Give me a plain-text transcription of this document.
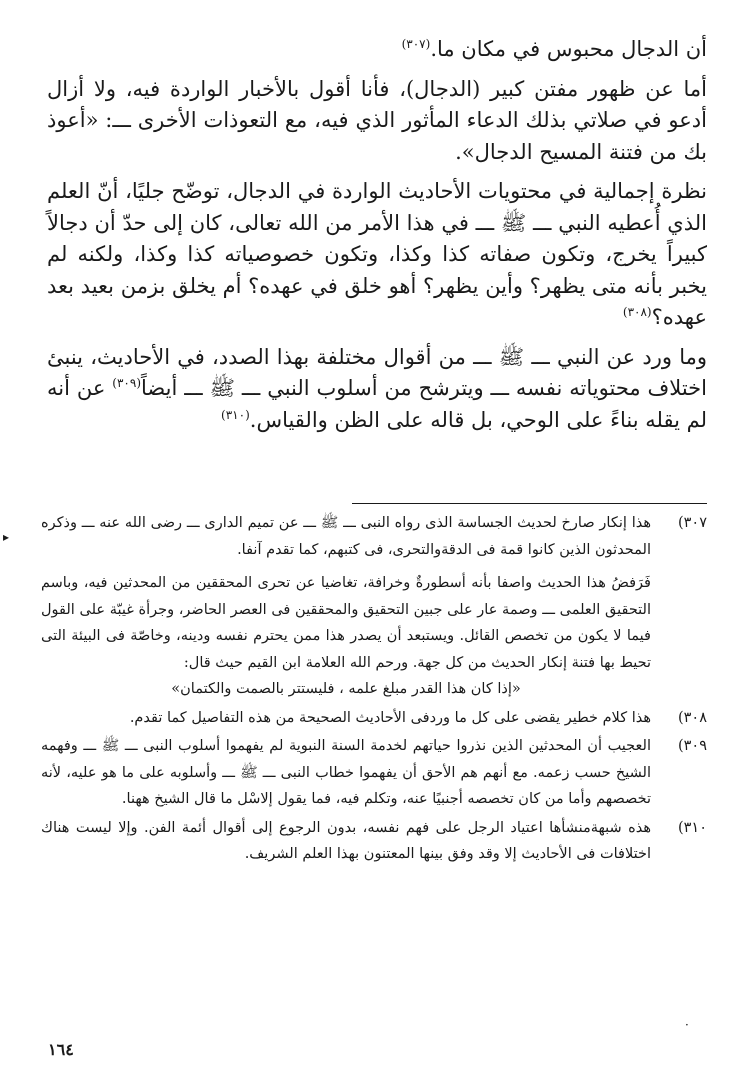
أن الدجال محبوس في مكان ما.$^{(٣٠٧)}$

أما عن ظهور مفتن كبير (الدجال)، فأنا أقول بالأخبار الواردة فيه، ولا أزال أدعو في صلاتي بذلك الدعاء المأثور الذي فيه، مع التعوذات الأخرى ـــ: «أعوذ بك من فتنة المسيح الدجال».

نظرة إجمالية في محتويات الأحاديث الواردة في الدجال، توضّح جليًا، أنّ العلم الذي أُعطيه النبي ـــ ﷺ ـــ في هذا الأمر من الله تعالى، كان إلى حدّ أن دجالاً كبيراً يخرج، وتكون صفاته كذا وكذا، وتكون خصوصياته كذا وكذا، ولكنه لم يخبر بأنه متى يظهر؟ وأين يظهر؟ أهو خلق في عهده؟ أم يخلق بزمن بعيد بعد عهده؟$^{(٣٠٨)}$

وما ورد عن النبي ـــ ﷺ ـــ من أقوال مختلفة بهذا الصدد، في الأحاديث، ينبئ اختلاف محتوياته نفسه ـــ ويترشح من أسلوب النبي ـــ ﷺ ـــ أيضاً$^{(٣٠٩)}$ عن أنه لم يقله بناءً على الوحي، بل قاله على الظن والقياس.$^{(٣١٠)}$

٣٠٧)

هذا إنكار صارخ لحديث الجساسة الذى رواه النبى ـــ ﷺ ـــ عن تميم الدارى ـــ رضى الله عنه ـــ وذكره المحدثون الذين كانوا قمة فى الدقةوالتحرى، فى كتبهم، كما تقدم آنفا.

فَرَفضُ هذا الحديث واصفا بأنه أسطورةٌ وخرافة، تغاضيا عن تحرى المحققين من المحدثين فيه، وباسم التحقيق العلمى ـــ وصمة عار على جبين التحقيق والمحققين فى العصر الحاضر، وجرأة غيبّة على القول فيما لا يكون من تخصص القائل. ويستبعد أن يصدر هذا ممن يحترم نفسه ودينه، وخاصّة فى البيئة التى تحيط بها فتنة إنكار الحديث من كل جهة. ورحم الله العلامة ابن القيم حيث قال:

«إذا كان هذا القدر مبلغ علمه ، فليستتر بالصمت والكتمان»

٣٠٨)

هذا كلام خطير يقضى على كل ما وردفى الأحاديث الصحيحة من هذه التفاصيل كما تقدم.

٣٠٩)

العجيب أن المحدثين الذين نذروا حياتهم لخدمة السنة النبوية لم يفهموا أسلوب النبى ـــ ﷺ ـــ وفهمه الشيخ حسب زعمه. مع أنهم هم الأحق أن يفهموا خطاب النبى ـــ ﷺ ـــ وأسلوبه على ما هو عليه، لأنه تخصصهم وأما من كان تخصصه أجنبيًا عنه، وتكلم فيه، فما يقول إلاسْل ما قال الشيخ ههنا.

٣١٠)

هذه شبهةمنشأها اعتياد الرجل على فهم نفسه، بدون الرجوع إلى أقوال أئمة الفن. وإلا ليست هناك اختلافات فى الأحاديث إلا وقد وفق بينها المعتنون بهذا العلم الشريف.

▸
·
١٦٤
